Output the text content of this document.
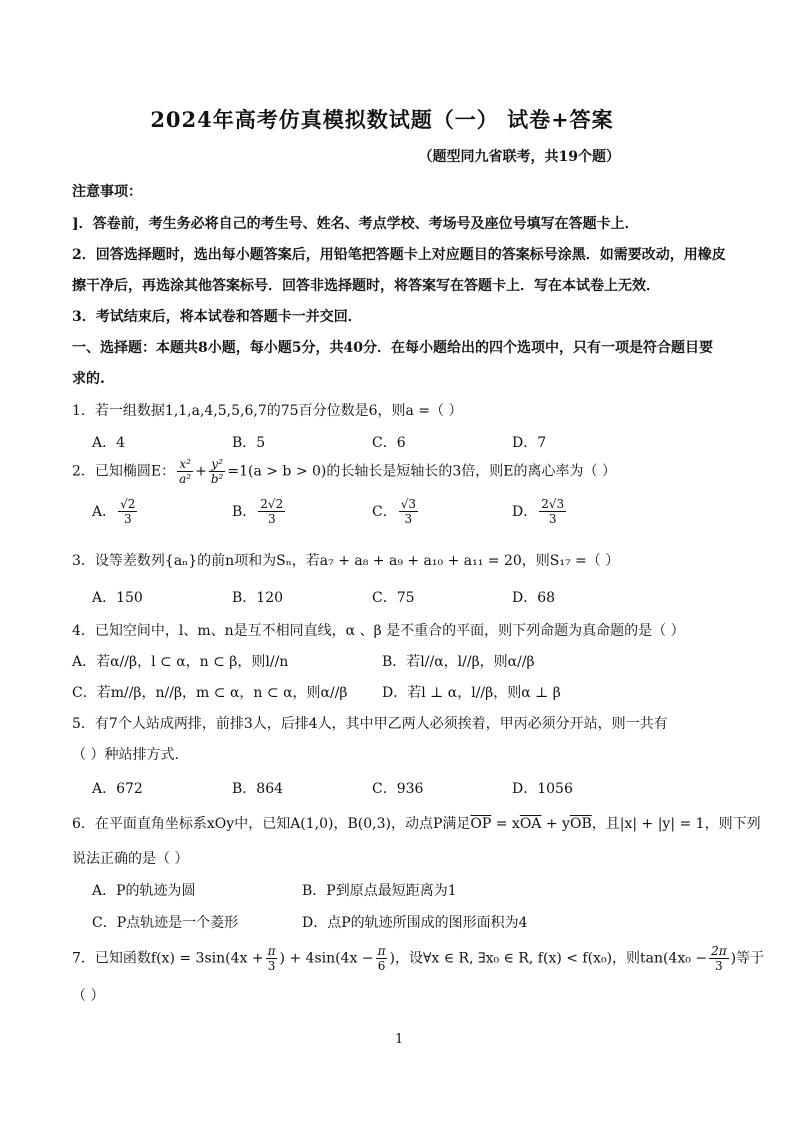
2024年高考仿真模拟数试题（一） 试卷+答案
（题型同九省联考，共19个题）
注意事项：
]．答卷前，考生务必将自己的考生号、姓名、考点学校、考场号及座位号填写在答题卡上．
2．回答选择题时，选出每小题答案后，用铅笔把答题卡上对应题目的答案标号涂黑．如需要改动，用橡皮
擦干净后，再选涂其他答案标号．回答非选择题时，将答案写在答题卡上．写在本试卷上无效．
3．考试结束后，将本试卷和答题卡一并交回．
一、选择题：本题共8小题，每小题5分，共40分．在每小题给出的四个选项中，只有一项是符合题目要
求的.
1．若一组数据1,1,a,4,5,5,6,7的75百分位数是6，则a =（ ）
A．4	B．5	C．6	D．7
2．已知椭圆E： $\frac{\text{x²}}{\text{a²}} + \frac{\text{y²}}{\text{b²}} =1(a > b > 0)$的长轴长是短轴长的3倍，则E的离心率为（ ）
A． $\frac{√2}{3}$	B． $\frac{2√2}{3}$	C． $\frac{√3}{3}$	D． $\frac{2√3}{3}$
3．设等差数列{aₙ}的前n项和为Sₙ，若a₇ + a₈ + a₉ + a₁₀ + a₁₁ = 20，则S₁₇ =（ ）
A．150	B．120	C．75	D．68
4．已知空间中，l、m、n是互不相同直线，α 、β 是不重合的平面，则下列命题为真命题的是（ ）
A．若α//β，l ⊂ α，n ⊂ β，则l//n	B．若l//α，l//β，则α//β
C．若m//β，n//β，m ⊂ α，n ⊂ α，则α//β D．若l ⊥ α，l//β，则α ⊥ β
5．有7个人站成两排，前排3人，后排4人，其中甲乙两人必须挨着，甲丙必须分开站，则一共有
（ ）种站排方式.
A．672	B．864	C．936	D．1056
6．在平面直角坐标系xOy中，已知A(1,0)，B(0,3)，动点P满足$\overline{OP} = x\overline{OA} + y\overline{OB}$，且|x| + |y| = 1，则下列
说法正确的是（ ）
A．P的轨迹为圆	B．P到原点最短距离为1
C．P点轨迹是一个菱形	D．点P的轨迹所围成的图形面积为4
7．已知函数$f(x) = 3\sin(4x + \frac{\pi}{3}$ ) + $4\sin(4x - \frac{\pi}{6}$ )，设∀x ∈ R, ∃x₀ ∈ R, f(x) < f(x₀)，则$\tan(4x_0 - \frac{2\pi}{3}$ )等于
（ ）
1
